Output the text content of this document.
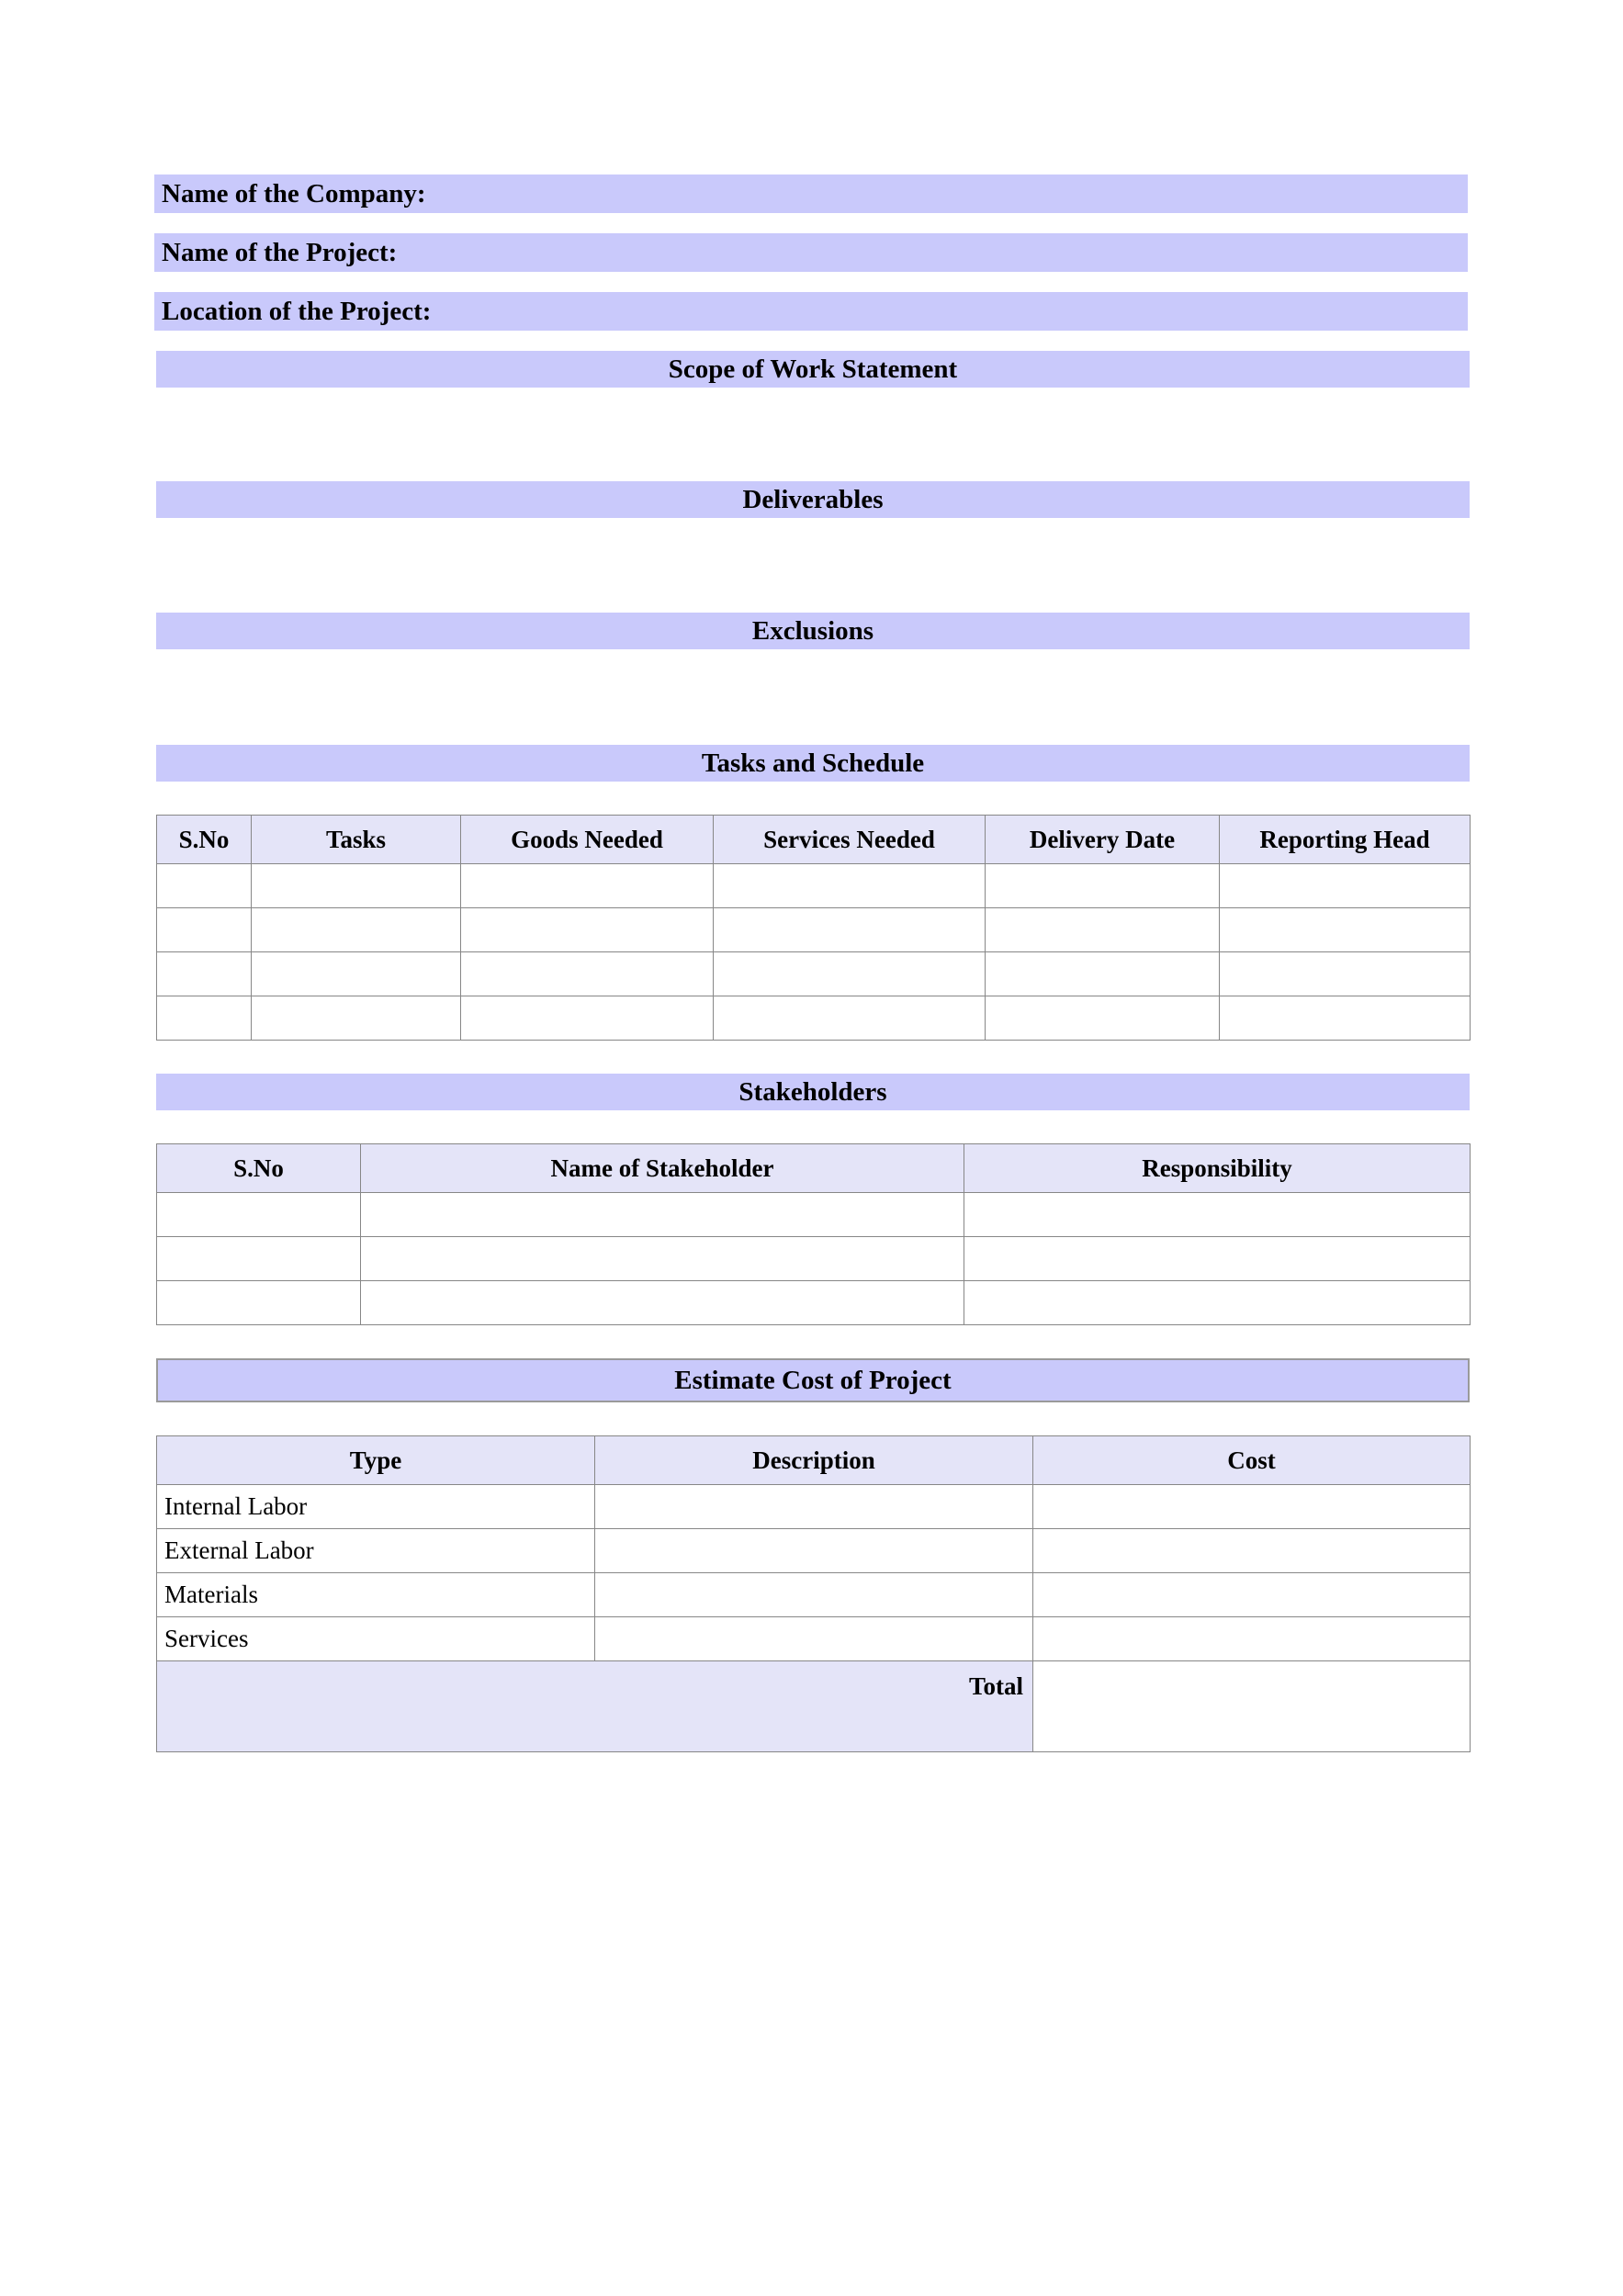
Name of the Company:
Name of the Project:
Location of the Project:
Scope of Work Statement
Deliverables
Exclusions
Tasks and Schedule
S.No	Tasks	Goods Needed	Services Needed	Delivery Date	Reporting Head

Stakeholders
S.No	Name of Stakeholder	Responsibility

Estimate Cost of Project
Type	Description	Cost
Internal Labor		
External Labor		
Materials		
Services		
Total		
